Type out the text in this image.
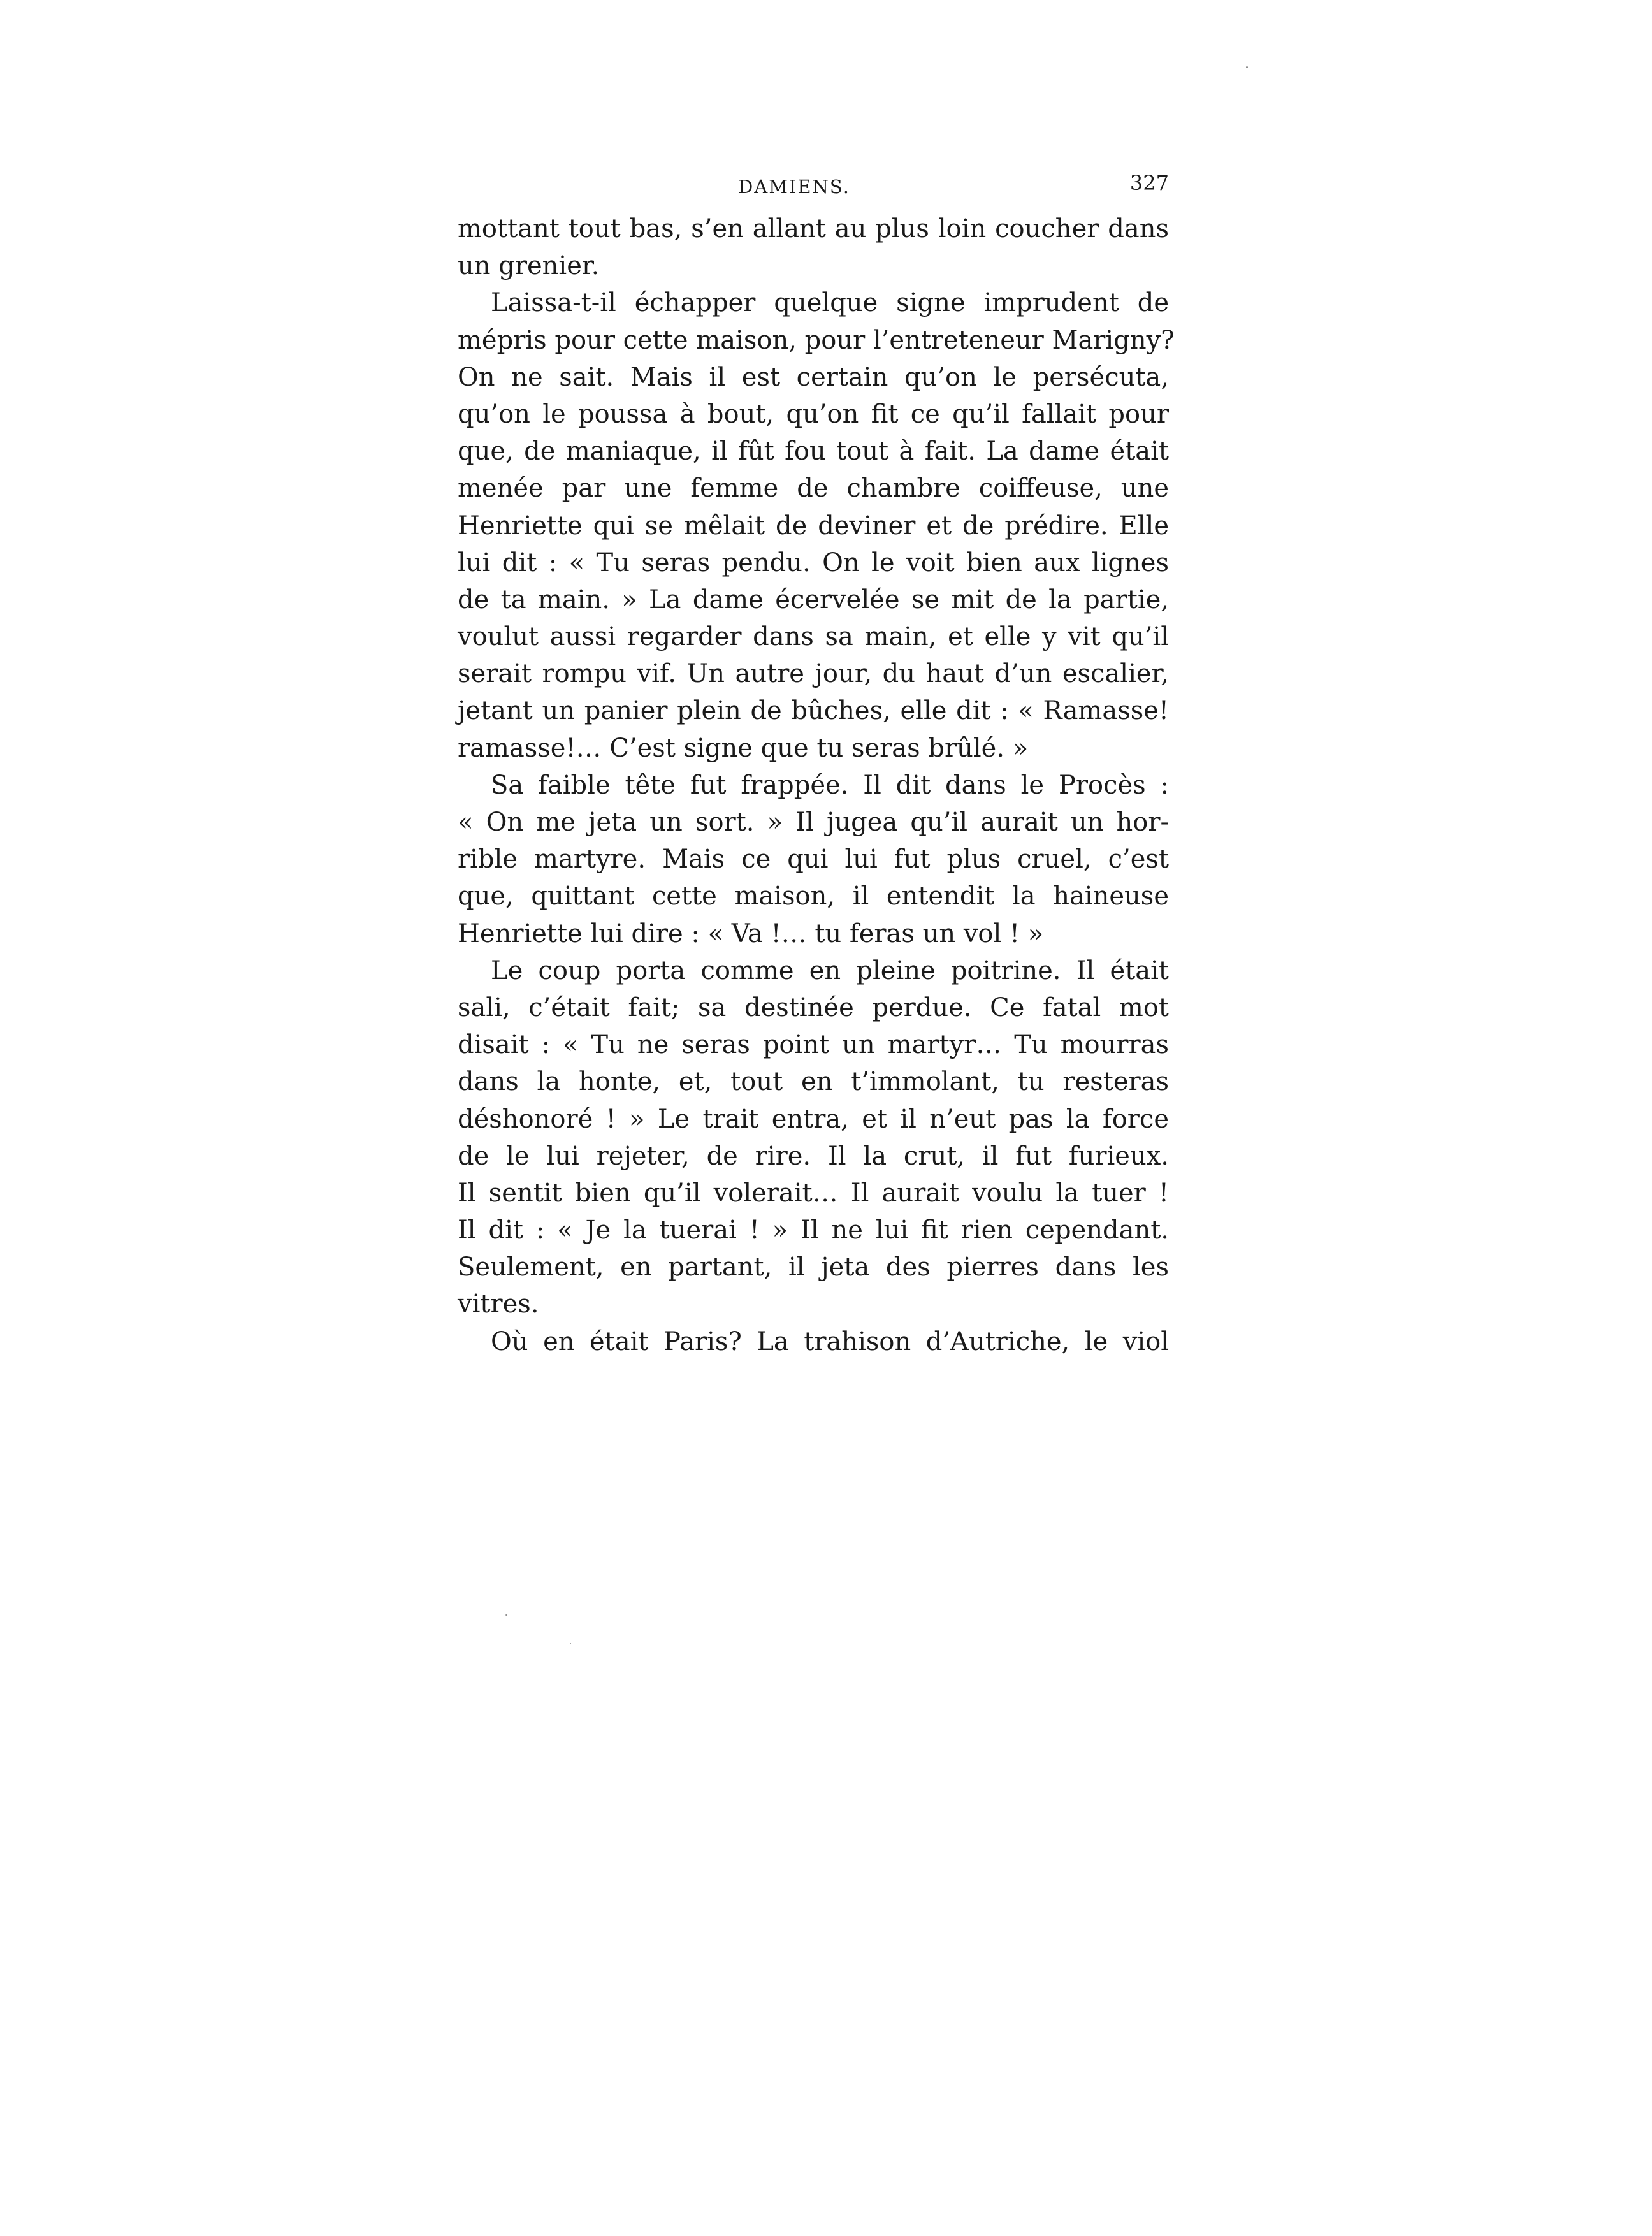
DAMIENS.	327
mottant tout bas, s’en allant au plus loin coucher dans
un grenier.
Laissa-t-il échapper quelque signe imprudent de
mépris pour cette maison, pour l’entreteneur Marigny?
On ne sait. Mais il est certain qu’on le persécuta,
qu’on le poussa à bout, qu’on fit ce qu’il fallait pour
que, de maniaque, il fût fou tout à fait. La dame était
menée par une femme de chambre coiffeuse, une
Henriette qui se mêlait de deviner et de prédire. Elle
lui dit : « Tu seras pendu. On le voit bien aux lignes
de ta main. » La dame écervelée se mit de la partie,
voulut aussi regarder dans sa main, et elle y vit qu’il
serait rompu vif. Un autre jour, du haut d’un escalier,
jetant un panier plein de bûches, elle dit : « Ramasse!
ramasse!… C’est signe que tu seras brûlé. »
Sa faible tête fut frappée. Il dit dans le Procès :
« On me jeta un sort. » Il jugea qu’il aurait un hor-
rible martyre. Mais ce qui lui fut plus cruel, c’est
que, quittant cette maison, il entendit la haineuse
Henriette lui dire : « Va !… tu feras un vol ! »
Le coup porta comme en pleine poitrine. Il était
sali, c’était fait; sa destinée perdue. Ce fatal mot
disait : « Tu ne seras point un martyr… Tu mourras
dans la honte, et, tout en t’immolant, tu resteras
déshonoré ! » Le trait entra, et il n’eut pas la force
de le lui rejeter, de rire. Il la crut, il fut furieux.
Il sentit bien qu’il volerait… Il aurait voulu la tuer !
Il dit : « Je la tuerai ! » Il ne lui fit rien cependant.
Seulement, en partant, il jeta des pierres dans les
vitres.
Où en était Paris? La trahison d’Autriche, le viol
